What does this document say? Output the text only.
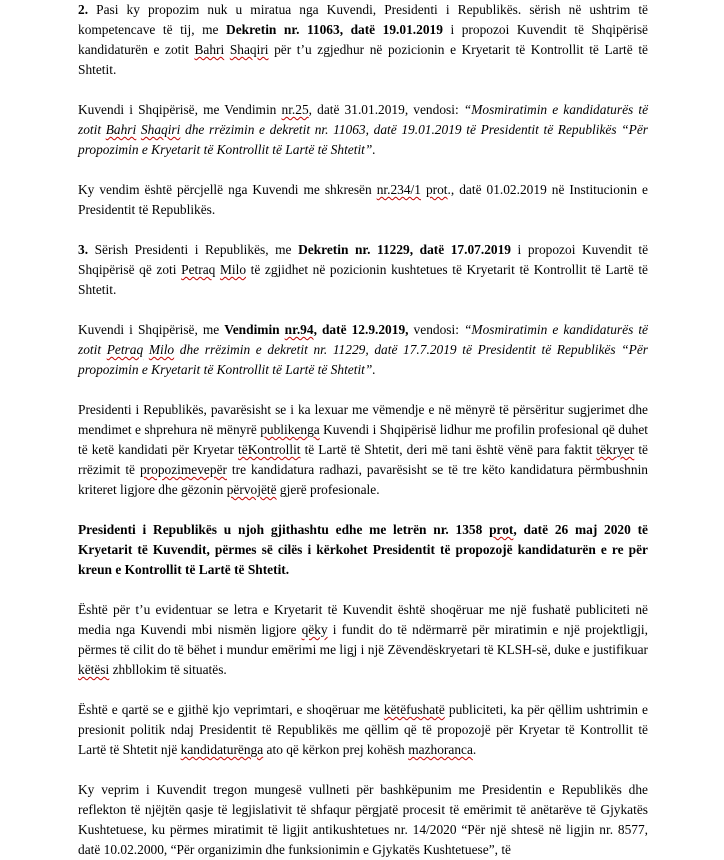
2. Pasi ky propozim nuk u miratua nga Kuvendi, Presidenti i Republikës. sërish në ushtrim të kompetencave të tij, me Dekretin nr. 11063, datë 19.01.2019 i propozoi Kuvendit të Shqipërisë kandidaturën e zotit Bahri Shaqiri për t’u zgjedhur në pozicionin e Kryetarit të Kontrollit të Lartë të Shtetit.

Kuvendi i Shqipërisë, me Vendimin nr.25, datë 31.01.2019, vendosi: “Mosmiratimin e kandidaturës të zotit Bahri Shaqiri dhe rrëzimin e dekretit nr. 11063, datë 19.01.2019 të Presidentit të Republikës “Për propozimin e Kryetarit të Kontrollit të Lartë të Shtetit”.

Ky vendim është përcjellë nga Kuvendi me shkresën nr.234/1 prot., datë 01.02.2019 në Institucionin e Presidentit të Republikës.

3. Sërish Presidenti i Republikës, me Dekretin nr. 11229, datë 17.07.2019 i propozoi Kuvendit të Shqipërisë që zoti Petraq Milo të zgjidhet në pozicionin kushtetues të Kryetarit të Kontrollit të Lartë të Shtetit.

Kuvendi i Shqipërisë, me Vendimin nr.94, datë 12.9.2019, vendosi: “Mosmiratimin e kandidaturës të zotit Petraq Milo dhe rrëzimin e dekretit nr. 11229, datë 17.7.2019 të Presidentit të Republikës “Për propozimin e Kryetarit të Kontrollit të Lartë të Shtetit”.

Presidenti i Republikës, pavarësisht se i ka lexuar me vëmendje e në mënyrë të përsëritur sugjerimet dhe mendimet e shprehura në mënyrë publikenga Kuvendi i Shqipërisë lidhur me profilin profesional që duhet të ketë kandidati për Kryetar tëKontrollit të Lartë të Shtetit, deri më tani është vënë para faktit tëkryer të rrëzimit të propozimevepër tre kandidatura radhazi, pavarësisht se të tre këto kandidatura përmbushnin kriteret ligjore dhe gëzonin përvojëtë gjerë profesionale.

Presidenti i Republikës u njoh gjithashtu edhe me letrën nr. 1358 prot, datë 26 maj 2020 të Kryetarit të Kuvendit, përmes së cilës i kërkohet Presidentit të propozojë kandidaturën e re për kreun e Kontrollit të Lartë të Shtetit.

Është për t’u evidentuar se letra e Kryetarit të Kuvendit është shoqëruar me një fushatë publiciteti në media nga Kuvendi mbi nismën ligjore qëky i fundit do të ndërmarrë për miratimin e një projektligji, përmes të cilit do të bëhet i mundur emërimi me ligj i një Zëvendëskryetari të KLSH-së, duke e justifikuar këtësi zhbllokim të situatës.

Është e qartë se e gjithë kjo veprimtari, e shoqëruar me këtëfushatë publiciteti, ka për qëllim ushtrimin e presionit politik ndaj Presidentit të Republikës me qëllim që të propozojë për Kryetar të Kontrollit të Lartë të Shtetit një kandidaturënga ato që kërkon prej kohësh mazhoranca.

Ky veprim i Kuvendit tregon mungesë vullneti për bashkëpunim me Presidentin e Republikës dhe reflekton të njëjtën qasje të legjislativit të shfaqur përgjatë procesit të emërimit të anëtarëve të Gjykatës Kushtetuese, ku përmes miratimit të ligjit antikushtetues nr. 14/2020 “Për një shtesë në ligjin nr. 8577, datë 10.02.2000, “Për organizimin dhe funksionimin e Gjykatës Kushtetuese”, të
